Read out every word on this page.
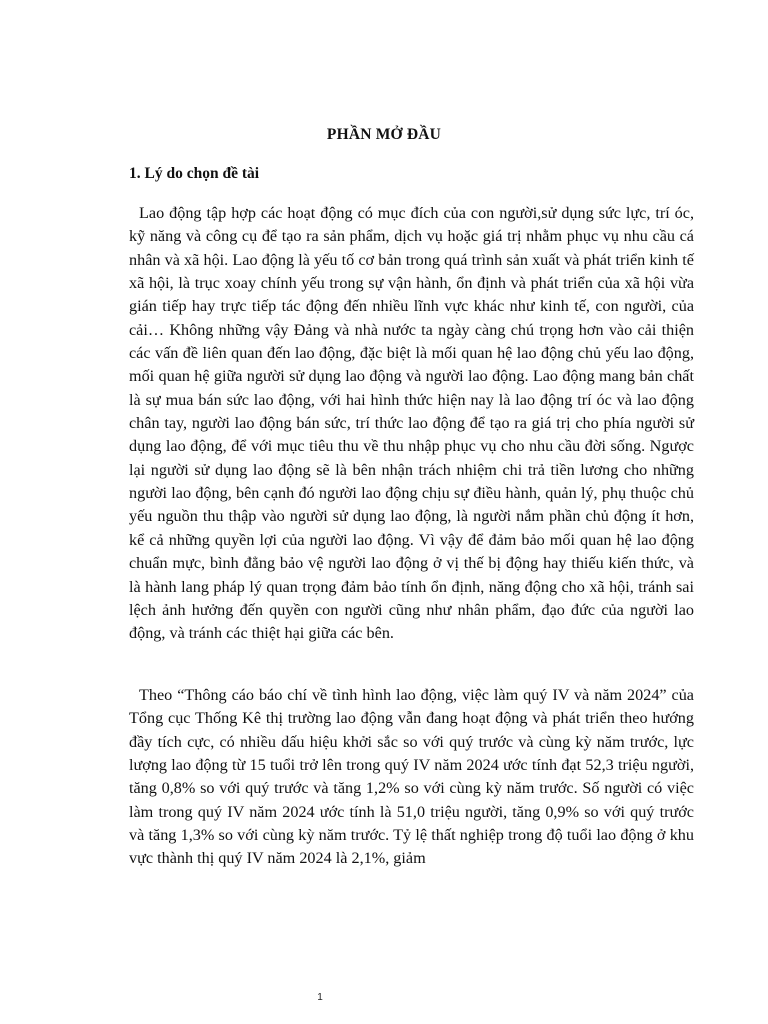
PHẦN MỞ ĐẦU
1. Lý do chọn đề tài

Lao động tập hợp các hoạt động có mục đích của con người,sử dụng sức lực, trí óc, kỹ năng và công cụ để tạo ra sản phẩm, dịch vụ hoặc giá trị nhằm phục vụ nhu cầu cá nhân và xã hội. Lao động là yếu tố cơ bản trong quá trình sản xuất và phát triển kinh tế xã hội, là trục xoay chính yếu trong sự vận hành, ổn định và phát triển của xã hội vừa gián tiếp hay trực tiếp tác động đến nhiều lĩnh vực khác như kinh tế, con người, của cải… Không những vậy Đảng và nhà nước ta ngày càng chú trọng hơn vào cải thiện các vấn đề liên quan đến lao động, đặc biệt là mối quan hệ lao động chủ yếu lao động, mối quan hệ giữa người sử dụng lao động và người lao động. Lao động mang bản chất là sự mua bán sức lao động, với hai hình thức hiện nay là lao động trí óc và lao động chân tay, người lao động bán sức, trí thức lao động để tạo ra giá trị cho phía người sử dụng lao động, để với mục tiêu thu về thu nhập phục vụ cho nhu cầu đời sống. Ngược lại người sử dụng lao động sẽ là bên nhận trách nhiệm chi trả tiền lương cho những người lao động, bên cạnh đó người lao động chịu sự điều hành, quản lý, phụ thuộc chủ yếu nguồn thu thập vào người sử dụng lao động, là người nắm phần chủ động ít hơn, kể cả những quyền lợi của người lao động. Vì vậy để đảm bảo mối quan hệ lao động chuẩn mực, bình đẳng bảo vệ người lao động ở vị thế bị động hay thiếu kiến thức, và là hành lang pháp lý quan trọng đảm bảo tính ổn định, năng động cho xã hội, tránh sai lệch ảnh hưởng đến quyền con người cũng như nhân phẩm, đạo đức của người lao động, và tránh các thiệt hại giữa các bên.

Theo “Thông cáo báo chí về tình hình lao động, việc làm quý IV và năm 2024” của Tổng cục Thống Kê thị trường lao động vẫn đang hoạt động và phát triển theo hướng đầy tích cực, có nhiều dấu hiệu khởi sắc so với quý trước và cùng kỳ năm trước, lực lượng lao động từ 15 tuổi trở lên trong quý IV năm 2024 ước tính đạt 52,3 triệu người, tăng 0,8% so với quý trước và tăng 1,2% so với cùng kỳ năm trước. Số người có việc làm trong quý IV năm 2024 ước tính là 51,0 triệu người, tăng 0,9% so với quý trước và tăng 1,3% so với cùng kỳ năm trước. Tỷ lệ thất nghiệp trong độ tuổi lao động ở khu vực thành thị quý IV năm 2024 là 2,1%, giảm

1
